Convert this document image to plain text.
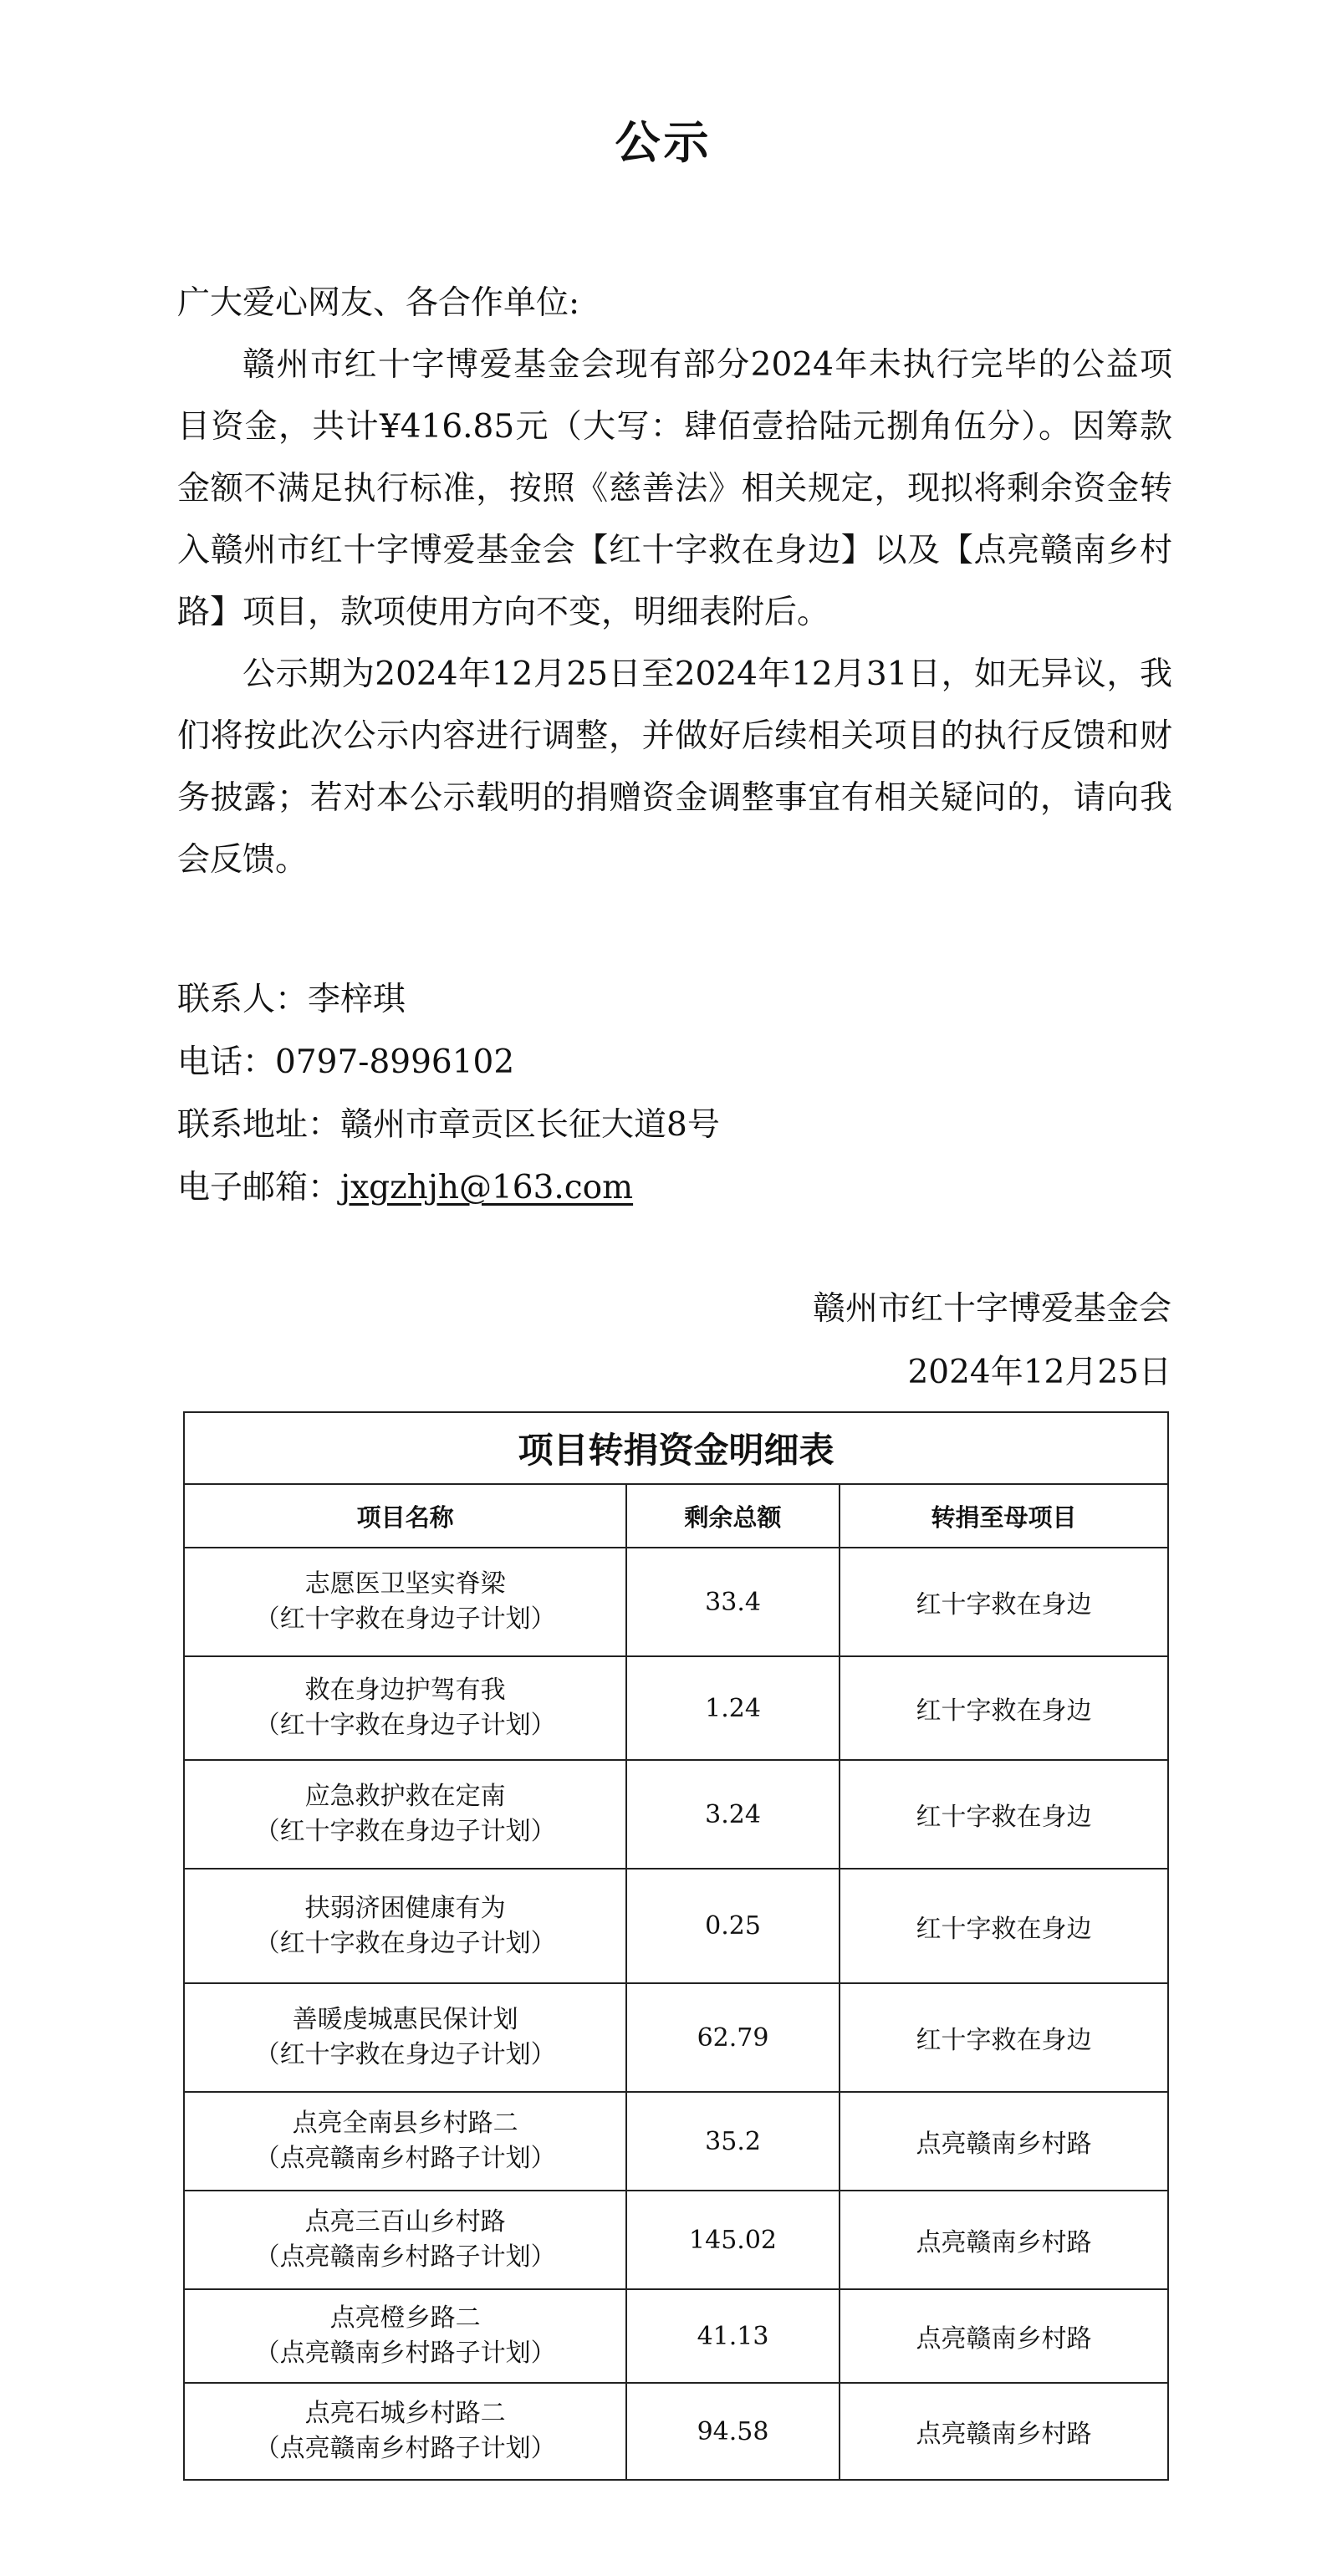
公示

广大爱心网友、各合作单位:

赣州市红十字博爱基金会现有部分2024年未执行完毕的公益项目资金，共计¥416.85元（大写：肆佰壹拾陆元捌角伍分）。因筹款金额不满足执行标准，按照《慈善法》相关规定，现拟将剩余资金转入赣州市红十字博爱基金会【红十字救在身边】以及【点亮赣南乡村路】项目，款项使用方向不变，明细表附后。

公示期为2024年12月25日至2024年12月31日，如无异议，我们将按此次公示内容进行调整，并做好后续相关项目的执行反馈和财务披露；若对本公示载明的捐赠资金调整事宜有相关疑问的，请向我会反馈。

联系人：李梓琪
电话：0797-8996102
联系地址：赣州市章贡区长征大道8号
电子邮箱：jxgzhjh@163.com
赣州市红十字博爱基金会
2024年12月25日
项目转捐资金明细表		
项目名称	剩余总额	转捐至母项目

志愿医卫坚实脊梁
（红十字救在身边子计划）	33.4	红十字救在身边

救在身边护驾有我
（红十字救在身边子计划）	1.24	红十字救在身边

应急救护救在定南
（红十字救在身边子计划）	3.24	红十字救在身边

扶弱济困健康有为
（红十字救在身边子计划）	0.25	红十字救在身边

善暖虔城惠民保计划
（红十字救在身边子计划）	62.79	红十字救在身边

点亮全南县乡村路二
（点亮赣南乡村路子计划）	35.2	点亮赣南乡村路

点亮三百山乡村路
（点亮赣南乡村路子计划）	145.02	点亮赣南乡村路

点亮橙乡路二
（点亮赣南乡村路子计划）	41.13	点亮赣南乡村路

点亮石城乡村路二
（点亮赣南乡村路子计划）	94.58	点亮赣南乡村路
